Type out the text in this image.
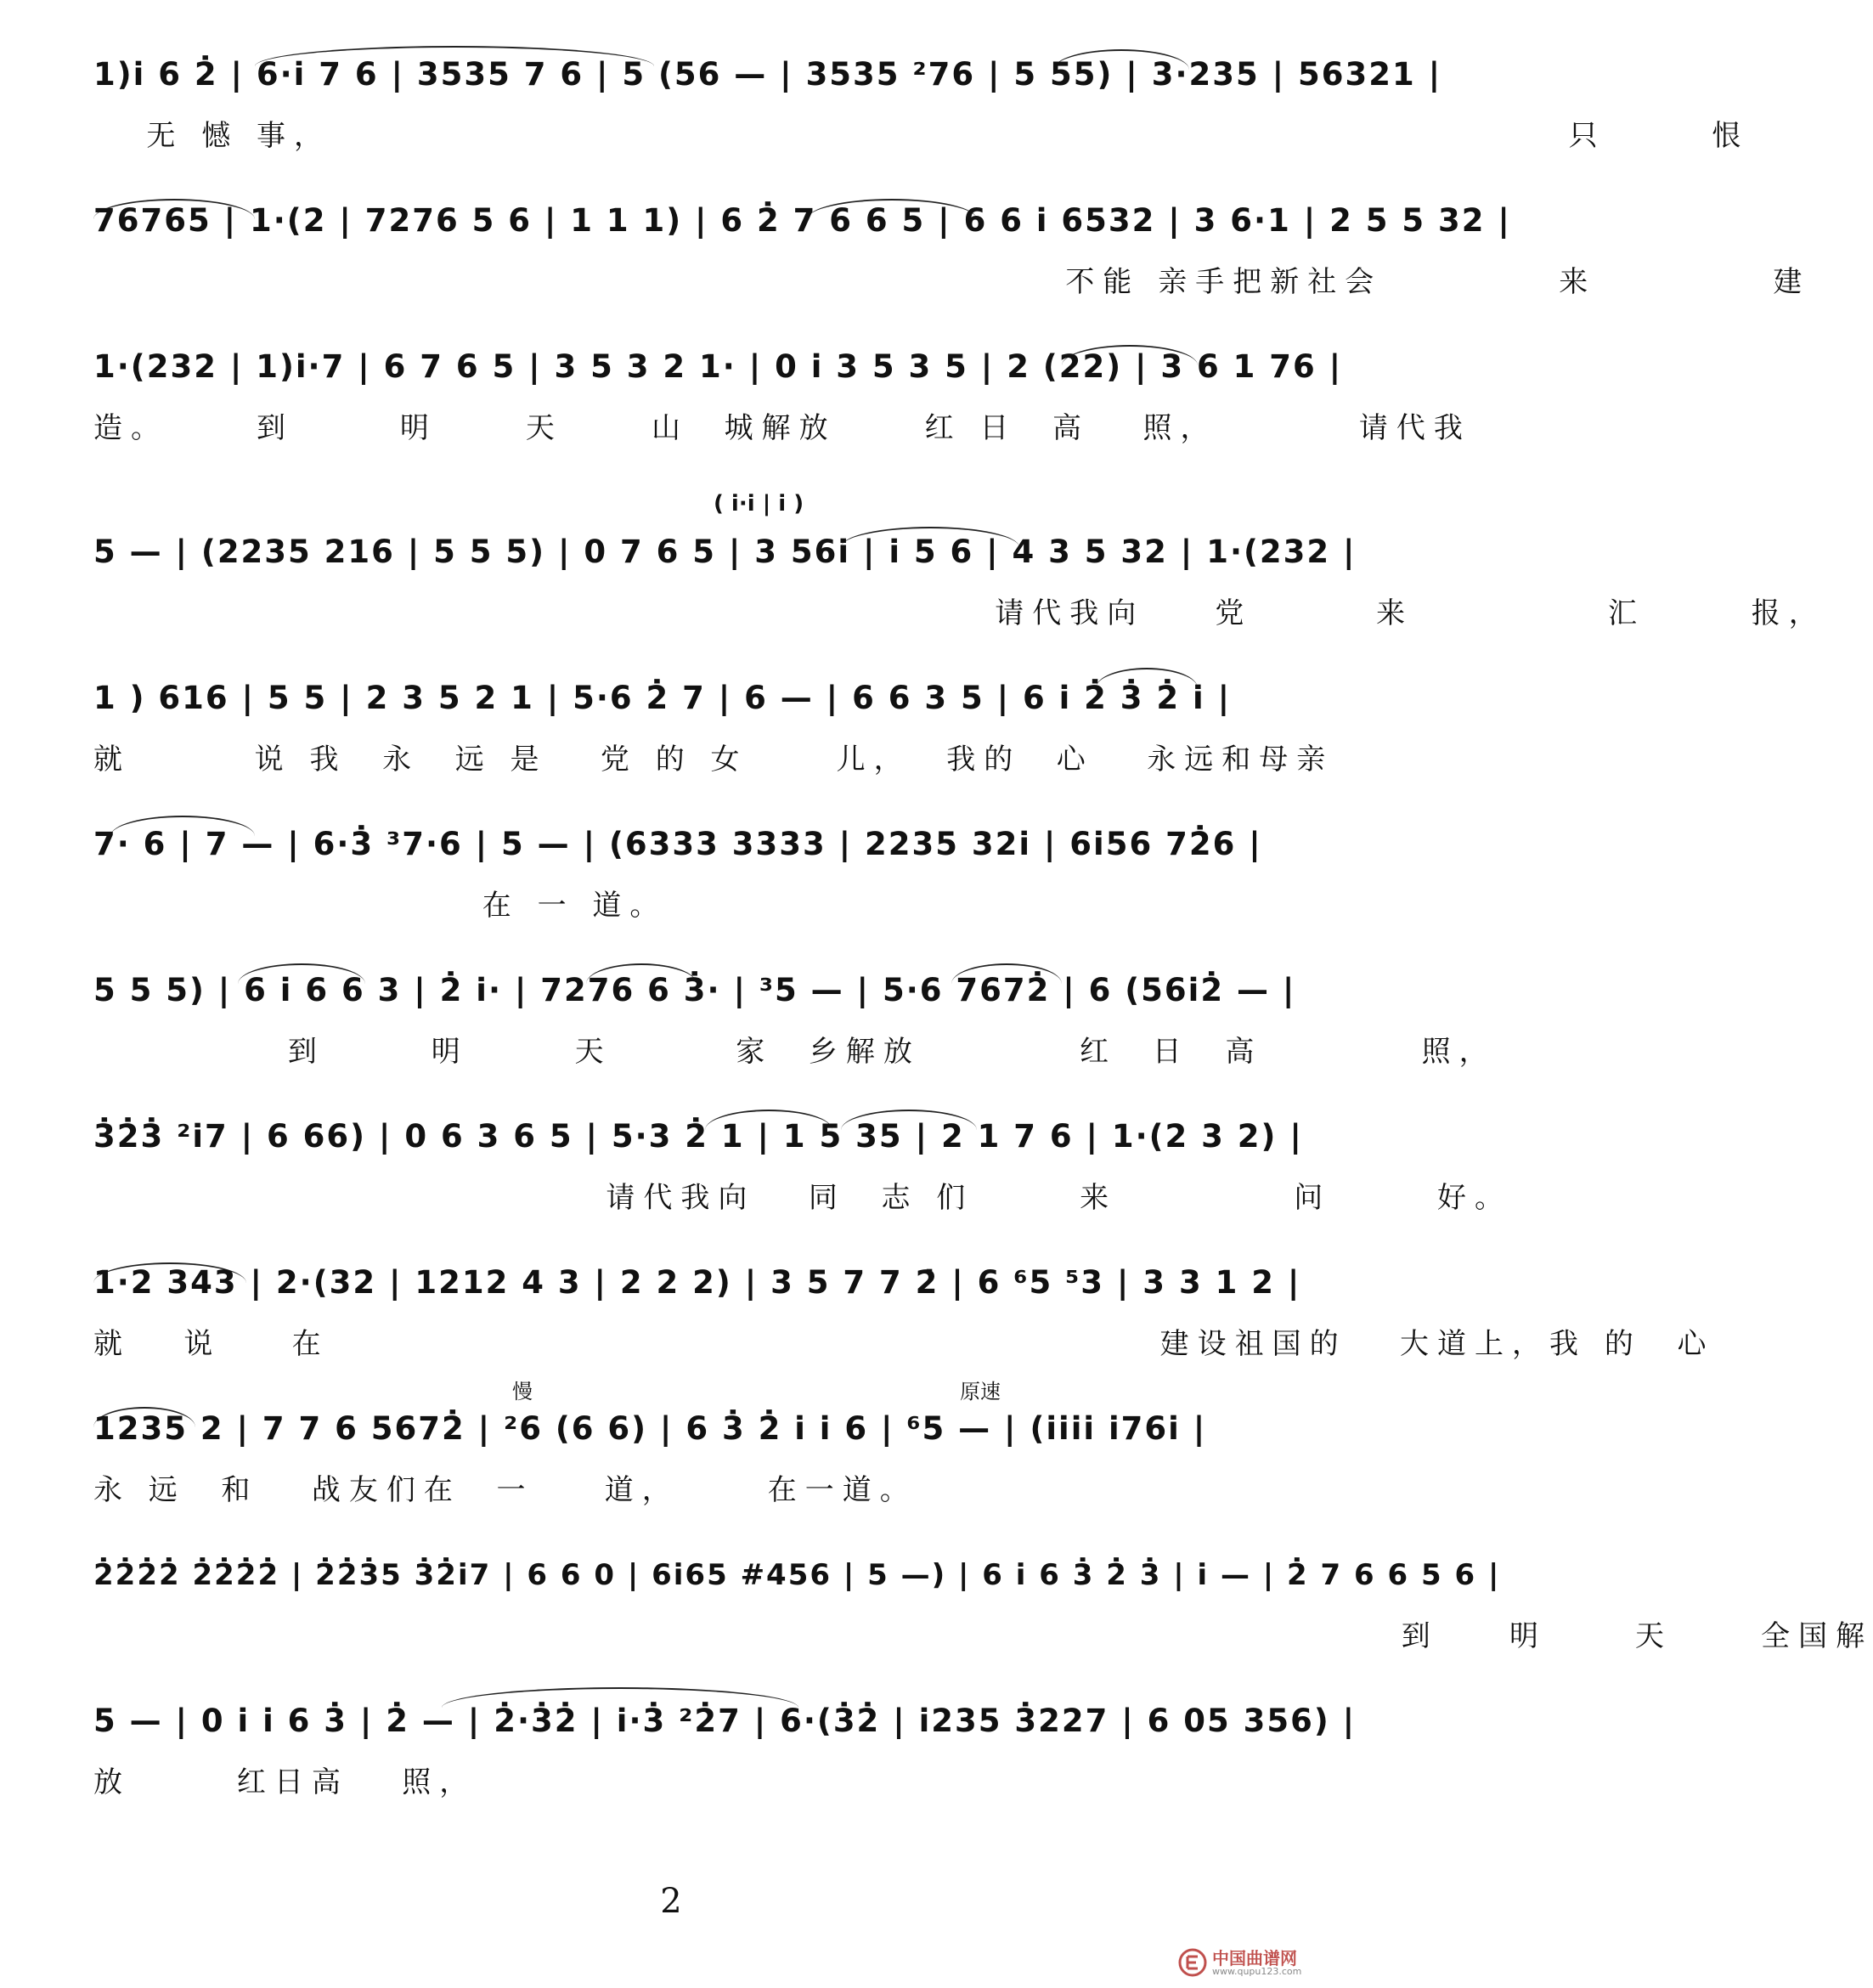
1)i̇ 6 2̇ | 6·i̇ 7 6 | 3535 7 6 | 5 (56 — | 3535 ²76 | 5 55) | 3·235 | 56321 |
无 憾 事，                                                                      只      恨
76765 | 1·(2 | 7276 5 6 | 1 1 1) | 6 2̇ 7 6 6 5 | 6 6 i̇ 6532 | 3 6·1 | 2 5 5 32 |
不能 亲手把新社会          来          建
1·(232 | 1)i̇·7 | 6 7 6 5 | 3 5 3 2 1· | 0 i̇ 3 5 3 5 | 2 (22) | 3 6 1 76 |
造。     到      明     天     山  城解放     红 日  高   照，        请代我
( i̇·i̇ | i̇ )
5 — | (2235 216 | 5 5 5) | 0 7 6 5 | 3 56i̇ | i̇ 5 6 | 4 3 5 32 | 1·(232 |
请代我向    党       来           汇      报，
1 ) 616 | 5 5 | 2 3 5 2 1 | 5·6 2̇ 7 | 6 — | 6 6 3 5 | 6 i̇ 2̇ 3̇ 2̇ i̇ |
就       说 我  永  远 是   党 的 女     儿，  我的  心   永远和母亲
7· 6 | 7 — | 6·3̇ ³7·6 | 5 — | (6333 3333 | 2235 32i̇ | 6i̇56 72̇6 |
在 一 道。
5 5 5) | 6 i̇ 6 6 3 | 2̇ i̇· | 7276 6 3̇· | ³5 — | 5·6 7672̇ | 6 (56i̇2̇ — |
到      明      天       家  乡解放         红  日  高         照，
3̇2̇3̇ ²i̇7 | 6 66) | 0 6 3 6 5 | 5·3 2̇ 1 | 1 5 35 | 2 1 7 6 | 1·(2 3 2) |
请代我向   同  志 们      来          问      好。
1·2 343 | 2·(32 | 1212 4 3 | 2 2 2) | 3 5 7 7 2̇ | 6 ⁶5 ⁵3 | 3 3 1 2 |
就   说    在                                               建设祖国的   大道上，我 的  心
慢	原速
1235 2 | 7 7 6 5672̇ | ²6 (6 6) | 6 3̇ 2̇ i̇ i̇ 6 | ⁶5 — | (i̇i̇i̇i̇ i̇76i̇ |
永 远  和   战友们在  一    道，     在一道。
2̇2̇2̇2̇ 2̇2̇2̇2̇ | 2̇2̇3̇5 3̇2̇i̇7 | 6 6 0 | 6i̇65 #456 | 5 —) | 6 i̇ 6 3̇ 2̇ 3̇ | i̇ — | 2̇ 7 6 6 5 6 |
到    明     天     全国解
5 — | 0 i̇ i̇ 6 3̇ | 2̇ — | 2̇·3̇2̇ | i̇·3̇ ²2̇7 | 6·(3̇2̇ | i̇235 3̇227 | 6 05 356) |
放      红日高   照，
2
中国曲谱网
www.qupu123.com
